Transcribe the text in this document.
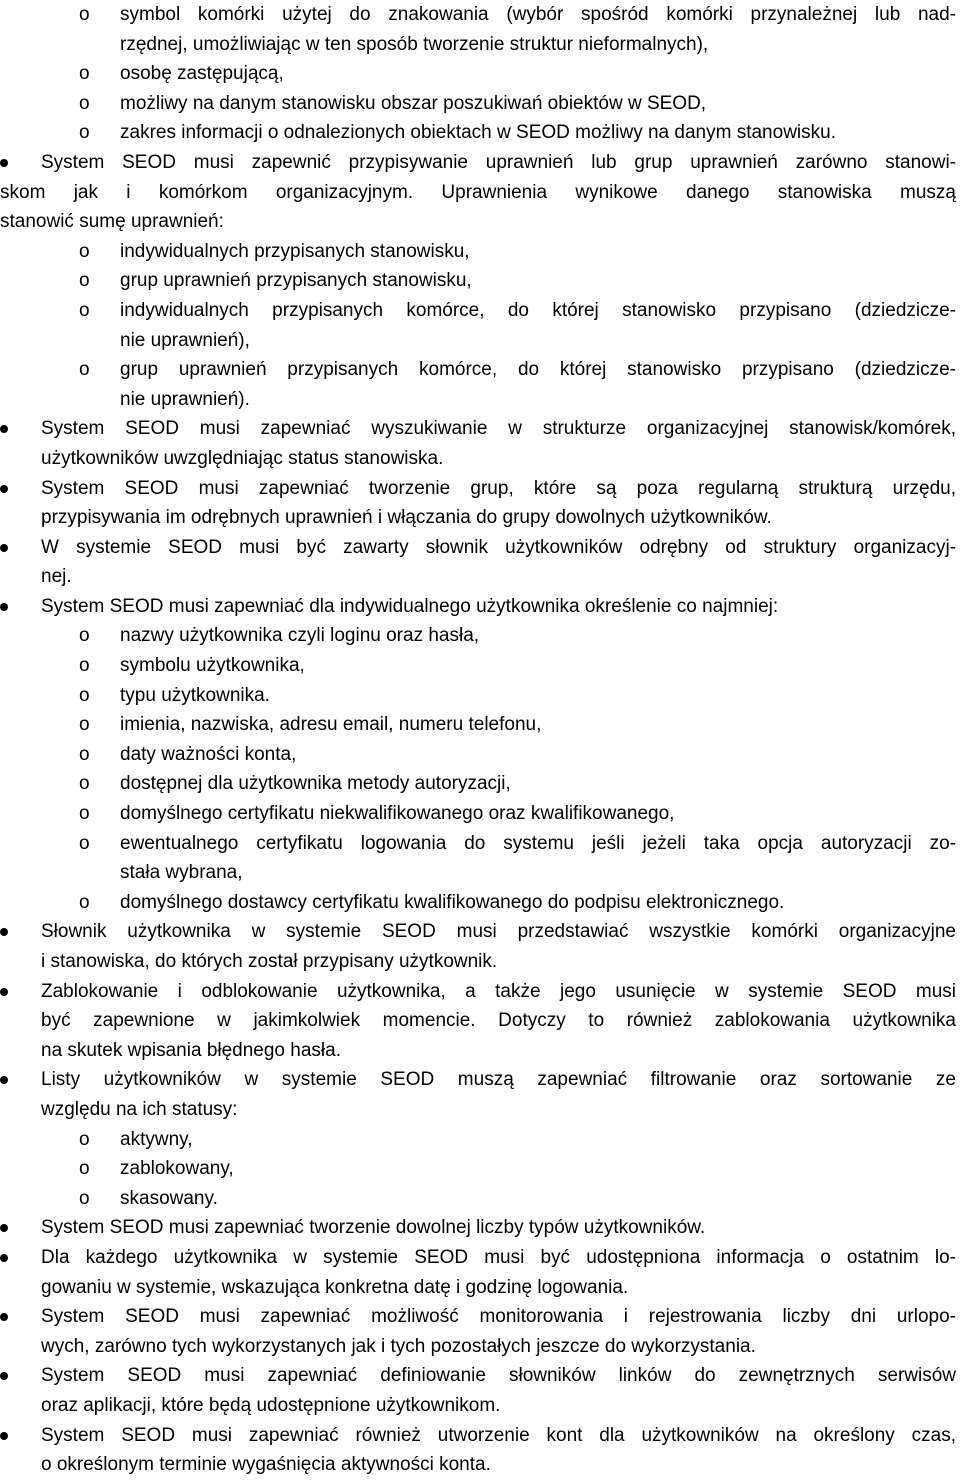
o symbol komórki użytej do znakowania (wybór spośród komórki przynależnej lub nad-
rzędnej, umożliwiając w ten sposób tworzenie struktur nieformalnych),
o osobę zastępującą,
o możliwy na danym stanowisku obszar poszukiwań obiektów w SEOD,
o zakres informacji o odnalezionych obiektach w SEOD możliwy na danym stanowisku.
System SEOD musi zapewnić przypisywanie uprawnień lub grup uprawnień zarówno stanowi-
skom jak i komórkom organizacyjnym. Uprawnienia wynikowe danego stanowiska muszą
stanowić sumę uprawnień:
o indywidualnych przypisanych stanowisku,
o grup uprawnień przypisanych stanowisku,
o indywidualnych przypisanych komórce, do której stanowisko przypisano (dziedzicze-
nie uprawnień),
o grup uprawnień przypisanych komórce, do której stanowisko przypisano (dziedzicze-
nie uprawnień).
System SEOD musi zapewniać wyszukiwanie w strukturze organizacyjnej stanowisk/komórek,
użytkowników uwzględniając status stanowiska.
System SEOD musi zapewniać tworzenie grup, które są poza regularną strukturą urzędu,
przypisywania im odrębnych uprawnień i włączania do grupy dowolnych użytkowników.
W systemie SEOD musi być zawarty słownik użytkowników odrębny od struktury organizacyj-
nej.
System SEOD musi zapewniać dla indywidualnego użytkownika określenie co najmniej:
o nazwy użytkownika czyli loginu oraz hasła,
o symbolu użytkownika,
o typu użytkownika.
o imienia, nazwiska, adresu email, numeru telefonu,
o daty ważności konta,
o dostępnej dla użytkownika metody autoryzacji,
o domyślnego certyfikatu niekwalifikowanego oraz kwalifikowanego,
o ewentualnego certyfikatu logowania do systemu jeśli jeżeli taka opcja autoryzacji zo-
stała wybrana,
o domyślnego dostawcy certyfikatu kwalifikowanego do podpisu elektronicznego.
Słownik użytkownika w systemie SEOD musi przedstawiać wszystkie komórki organizacyjne
i stanowiska, do których został przypisany użytkownik.
Zablokowanie i odblokowanie użytkownika, a także jego usunięcie w systemie SEOD musi
być zapewnione w jakimkolwiek momencie. Dotyczy to również zablokowania użytkownika
na skutek wpisania błędnego hasła.
Listy użytkowników w systemie SEOD muszą zapewniać filtrowanie oraz sortowanie ze
względu na ich statusy:
o aktywny,
o zablokowany,
o skasowany.
System SEOD musi zapewniać tworzenie dowolnej liczby typów użytkowników.
Dla każdego użytkownika w systemie SEOD musi być udostępniona informacja o ostatnim lo-
gowaniu w systemie, wskazująca konkretna datę i godzinę logowania.
System SEOD musi zapewniać możliwość monitorowania i rejestrowania liczby dni urlopo-
wych, zarówno tych wykorzystanych jak i tych pozostałych jeszcze do wykorzystania.
System SEOD musi zapewniać definiowanie słowników linków do zewnętrznych serwisów
oraz aplikacji, które będą udostępnione użytkownikom.
System SEOD musi zapewniać również utworzenie kont dla użytkowników na określony czas,
o określonym terminie wygaśnięcia aktywności konta.
